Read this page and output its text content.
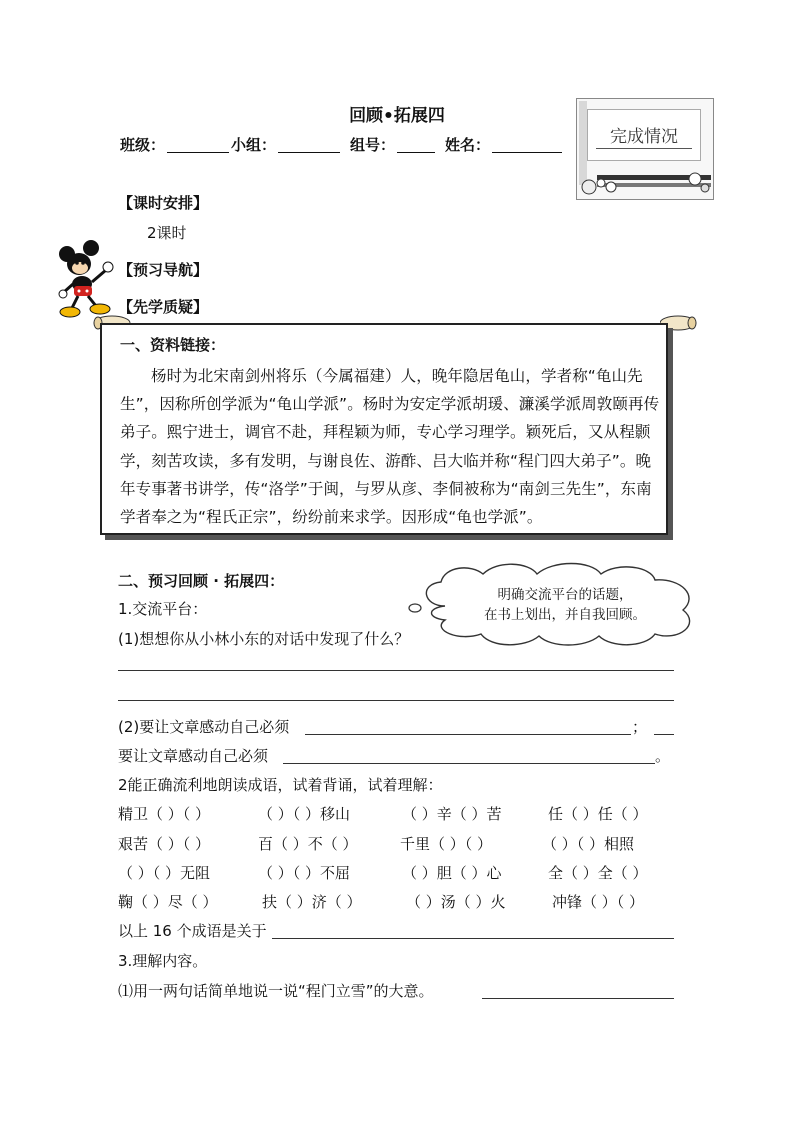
回顾•拓展四
班级：	小组：	组号：	姓名：	完成情况
【课时安排】
2课时
【预习导航】
【先学质疑】
一、资料链接：
杨时为北宋南剑州将乐（今属福建）人，晚年隐居龟山，学者称“龟山先生”，因称所创学派为“龟山学派”。杨时为安定学派胡瑗、濂溪学派周敦颐再传弟子。熙宁进士，调官不赴，拜程颖为师，专心学习理学。颖死后，又从程颢学，刻苦攻读，多有发明，与谢良佐、游酢、吕大临并称“程门四大弟子”。晚年专事著书讲学，传“洛学”于闽，与罗从彦、李侗被称为“南剑三先生”，东南学者奉之为“程氏正宗”，纷纷前来求学。因形成“龟也学派”。
二、预习回顾 · 拓展四：
明确交流平台的话题，
在书上划出，并自我回顾。
1.交流平台：
(1)想想你从小林小东的对话中发现了什么？
(2)要让文章感动自己必须	；
要让文章感动自己必须	。
2能正确流利地朗读成语，试着背诵，试着理解：
精卫（ ）（ ）	（ ）（ ）移山	（ ）辛（ ）苦	任（ ）任（ ）
艰苦（ ）（ ）	百（ ）不（ ）	千里（ ）（ ）	（ ）（ ）相照
（ ）（ ）无阻	（ ）（ ）不屈	（ ）胆（ ）心	全（ ）全（ ）
鞠（ ）尽（ ）	扶（ ）济（ ）	（ ）汤（ ）火	冲锋（ ）（ ）
以上 16 个成语是关于
3.理解内容。
⑴用一两句话简单地说一说“程门立雪”的大意。
